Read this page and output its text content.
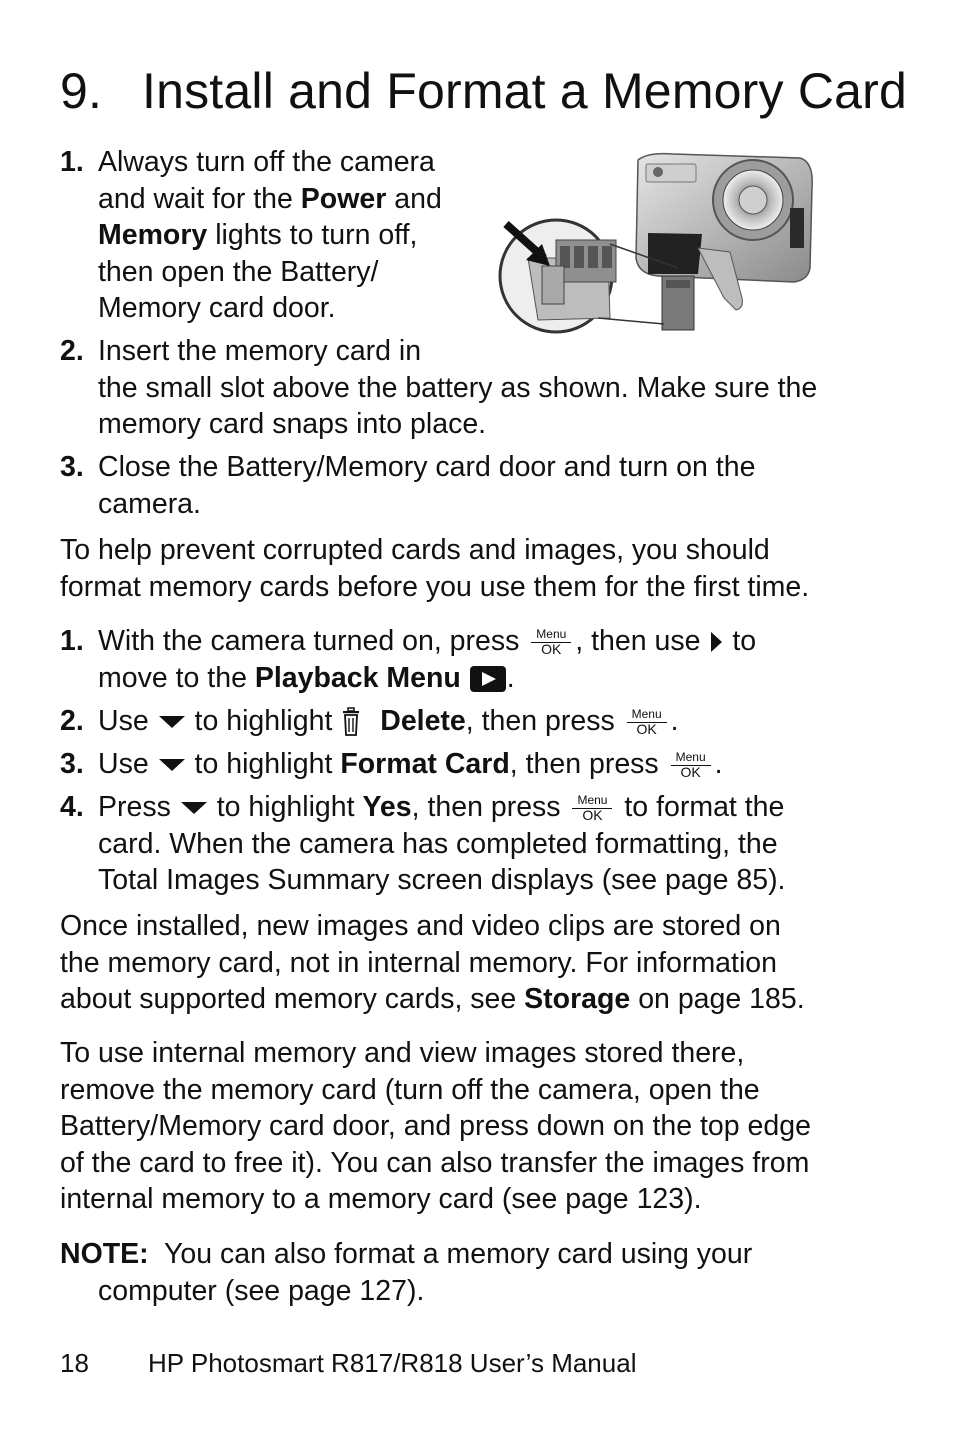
9. Install and Format a Memory Card
1. Always turn off the camera
and wait for the Power and
Memory lights to turn off,
then open the Battery/
Memory card door.
2. Insert the memory card in
the small slot above the battery as shown. Make sure the
memory card snaps into place.
3. Close the Battery/Memory card door and turn on the
camera.
To help prevent corrupted cards and images, you should
format memory cards before you use them for the first time.
1. With the camera turned on, press	Menu
OK , then use to
move to the Playback Menu .
2. Use to highlight Delete, then press	Menu
OK .
3. Use to highlight Format Card, then press	Menu
OK .
4. Press to highlight Yes, then press	Menu
OK to format the
card. When the camera has completed formatting, the
Total Images Summary screen displays (see page 85).
Once installed, new images and video clips are stored on
the memory card, not in internal memory. For information
about supported memory cards, see Storage on page 185.
To use internal memory and view images stored there,
remove the memory card (turn off the camera, open the
Battery/Memory card door, and press down on the top edge
of the card to free it). You can also transfer the images from
internal memory to a memory card (see page 123).
NOTE: You can also format a memory card using your
computer (see page 127).
18 HP Photosmart R817/R818 User’s Manual
